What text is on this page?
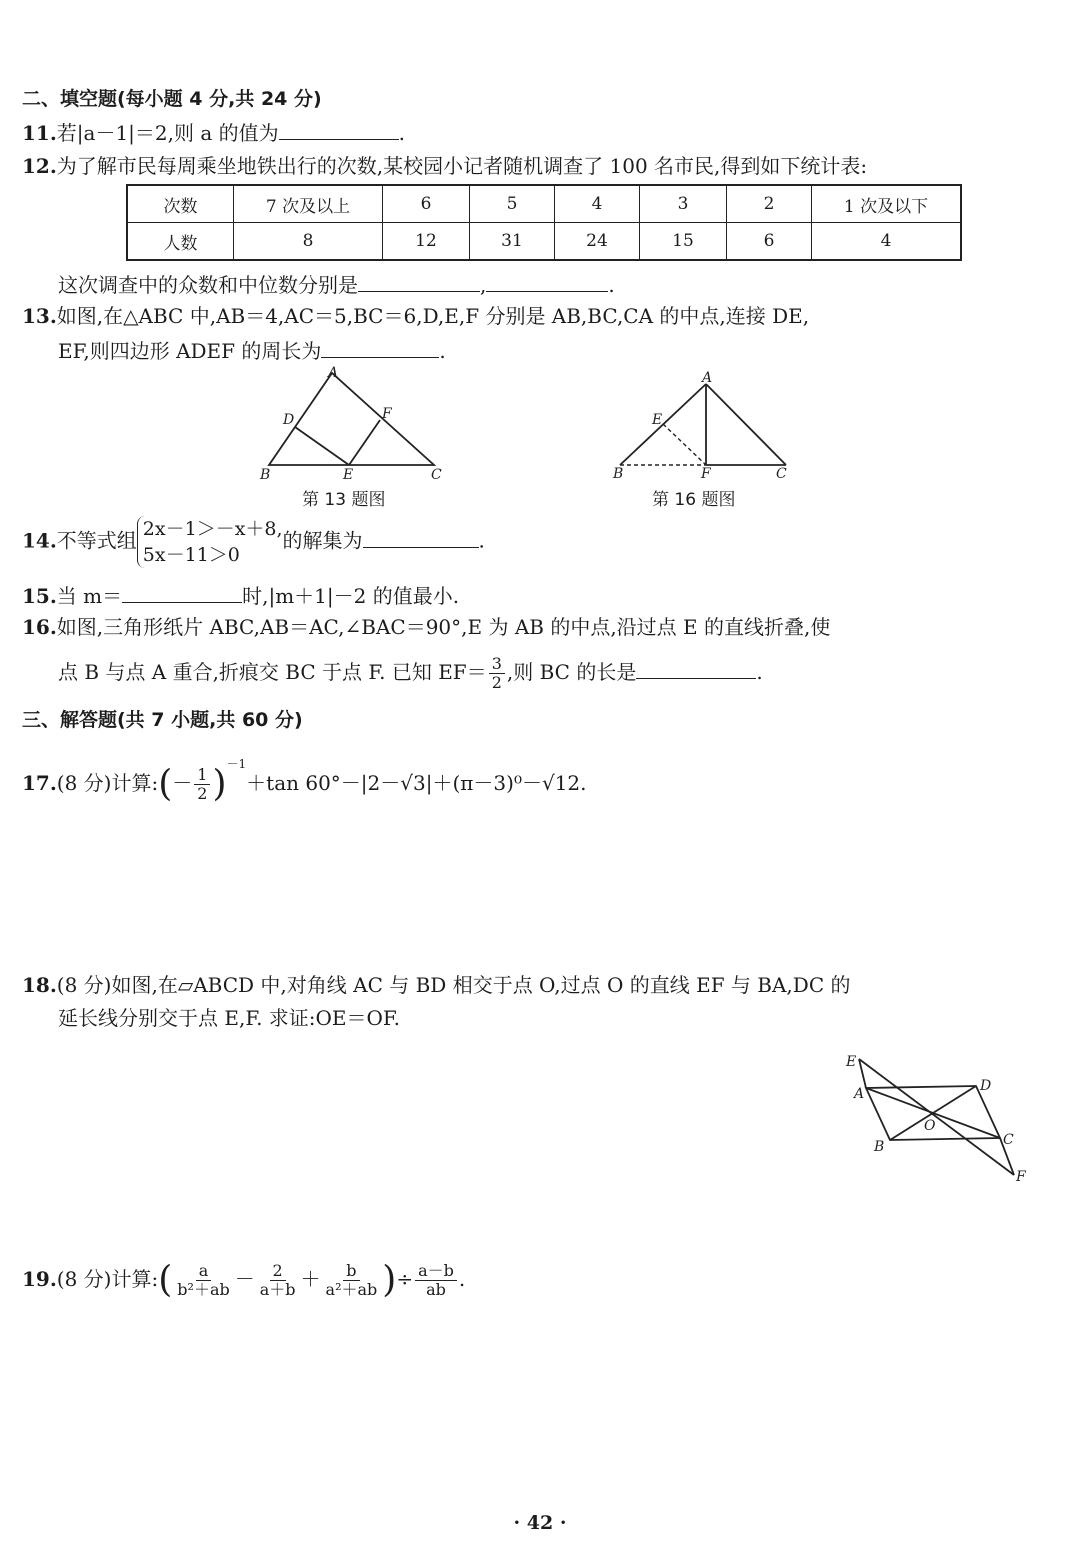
二、填空题(每小题 4 分,共 24 分)
11.若|a－1|＝2,则 a 的值为	.
12.为了解市民每周乘坐地铁出行的次数,某校园小记者随机调查了 100 名市民,得到如下统计表:
次数	7 次及以上	6	5	4	3	2	1 次及以下
人数	8	12	31	24	15	6	4
这次调查中的众数和中位数分别是	,	.
13.如图,在△ABC 中,AB＝4,AC＝5,BC＝6,D,E,F 分别是 AB,BC,CA 的中点,连接 DE,
EF,则四边形 ADEF 的周长为	.
A
B	C
D
E
F
第 13 题图
A
B	C
E
F
第 16 题图
14.不等式组 2x－1＞－x＋8,
5x－11＞0
的解集为	.
15.当 m＝	时,|m＋1|－2 的值最小.
16.如图,三角形纸片 ABC,AB＝AC,∠BAC＝90°,E 为 AB 的中点,沿过点 E 的直线折叠,使
点 B 与点 A 重合,折痕交 BC 于点 F. 已知 $EF= \frac{3}{2}$ ,则 BC 的长是	.
三、解答题(共 7 小题,共 60 分)
17.(8 分)计算:(－ $\frac{1}{2} )^{-1}+\tan$ 60°－|2－√3|＋(π－3)⁰－√12.
18.(8 分)如图,在▱ABCD 中,对角线 AC 与 BD 相交于点 O,过点 O 的直线 EF 与 BA,DC 的
延长线分别交于点 E,F. 求证:OE＝OF.
E
A	D
B	C
O
F
19.(8 分)计算:( $\frac{a}{\text{b²＋ab}} - \frac{2}{a+b} + \frac{b}{\text{a²＋ab}}$ )÷ $\frac{a-b}{ab}$ .
· 42 ·
